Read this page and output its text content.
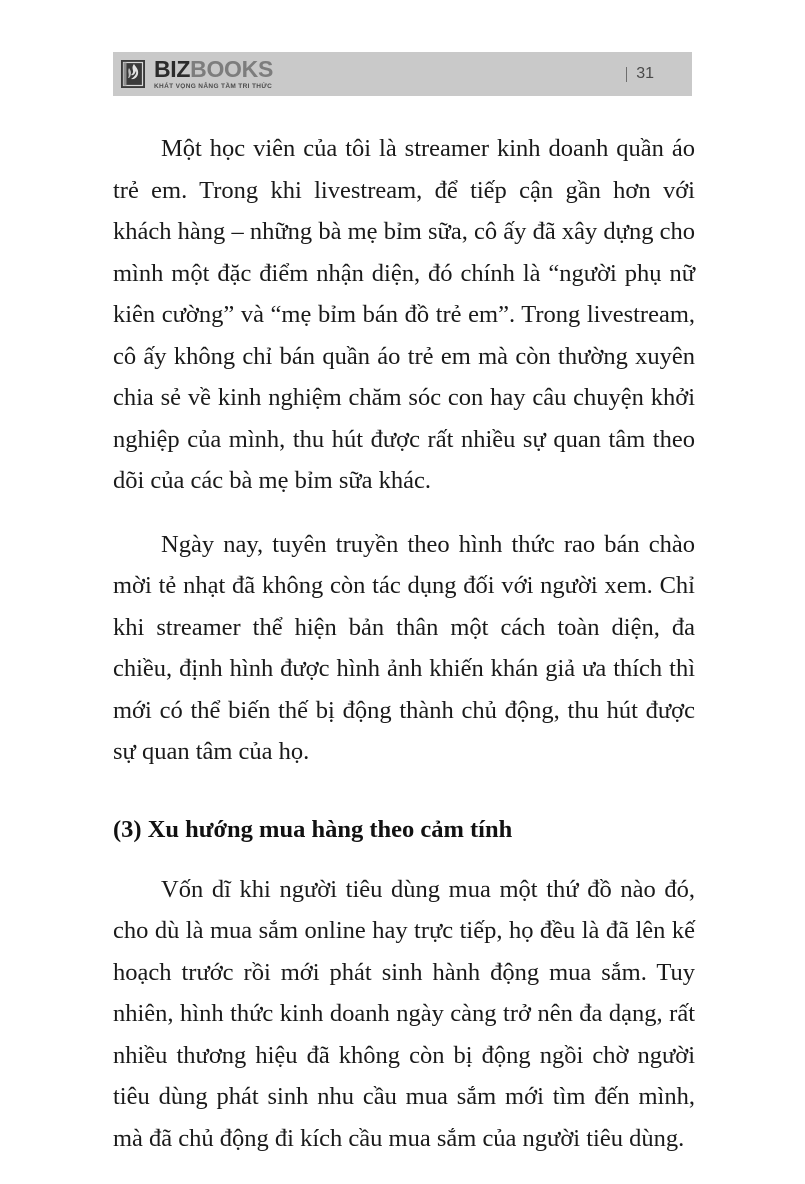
BIZBOOKS
KHÁT VỌNG NÂNG TẦM TRI THỨC
31

Một học viên của tôi là streamer kinh doanh quần áo trẻ em. Trong khi livestream, để tiếp cận gần hơn với khách hàng – những bà mẹ bỉm sữa, cô ấy đã xây dựng cho mình một đặc điểm nhận diện, đó chính là “người phụ nữ kiên cường” và “mẹ bỉm bán đồ trẻ em”. Trong livestream, cô ấy không chỉ bán quần áo trẻ em mà còn thường xuyên chia sẻ về kinh nghiệm chăm sóc con hay câu chuyện khởi nghiệp của mình, thu hút được rất nhiều sự quan tâm theo dõi của các bà mẹ bỉm sữa khác.

Ngày nay, tuyên truyền theo hình thức rao bán chào mời tẻ nhạt đã không còn tác dụng đối với người xem. Chỉ khi streamer thể hiện bản thân một cách toàn diện, đa chiều, định hình được hình ảnh khiến khán giả ưa thích thì mới có thể biến thế bị động thành chủ động, thu hút được sự quan tâm của họ.

(3) Xu hướng mua hàng theo cảm tính

Vốn dĩ khi người tiêu dùng mua một thứ đồ nào đó, cho dù là mua sắm online hay trực tiếp, họ đều là đã lên kế hoạch trước rồi mới phát sinh hành động mua sắm. Tuy nhiên, hình thức kinh doanh ngày càng trở nên đa dạng, rất nhiều thương hiệu đã không còn bị động ngồi chờ người tiêu dùng phát sinh nhu cầu mua sắm mới tìm đến mình, mà đã chủ động đi kích cầu mua sắm của người tiêu dùng.
